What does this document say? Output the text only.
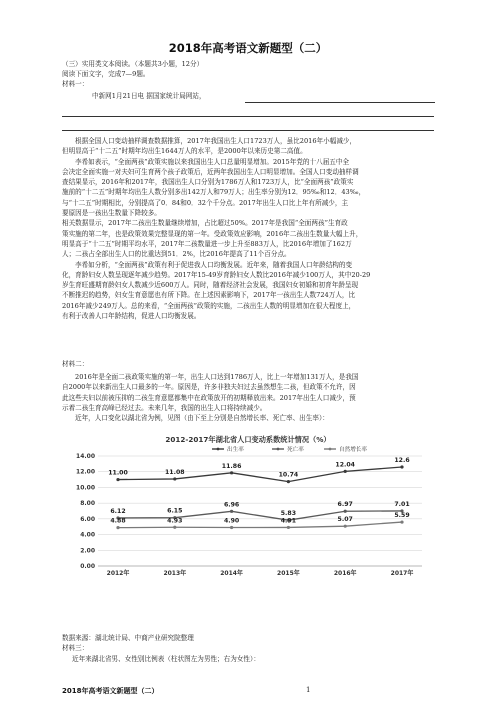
2018年高考语文新题型（二）
（三）实用类文本阅读。（本题共3小题，12分）
阅读下面文字，完成7—9题。
材料一：
中新网1月21日电 据国家统计局网站，
根据全国人口变动抽样调查数据推算，2017年我国出生人口1723万人，虽比2016年小幅减少，
但明显高于“十二五”时期年均出生1644万人的水平，是2000年以来历史第二高值。
李希如表示，“全面两孩”政策实施以来我国出生人口总量明显增加。2015年党的十八届五中全
会决定全面实施一对夫妇可生育两个孩子政策后，近两年我国出生人口明显增加。全国人口变动抽样调
查结果显示，2016年和2017年，我国出生人口分别为1786万人和1723万人，比“全面两孩”政策实
施前的“十二五”时期年均出生人数分别多出142万人和79万人；出生率分别为12．95‰和12．43‰，
与“十二五”时期相比，分别提高了0．84和0．32个千分点。2017年出生人口比上年有所减少，主
要原因是一孩出生数量下降较多。
相关数据显示，2017年二孩出生数量继续增加，占比超过50%。2017年是我国“全面两孩”生育政
策实施的第二年，也是政策效果完整显现的第一年。受政策效应影响，2016年二孩出生数量大幅上升，
明显高于“十二五”时期平均水平，2017年二孩数量进一步上升至883万人，比2016年增加了162万
人；二孩占全部出生人口的比重达到51．2%，比2016年提高了11个百分点。
李希如分析，“全面两孩”政策有利于促进我人口均衡发展。近年来，随着我国人口年龄结构的变
化，育龄妇女人数呈现逐年减少趋势。2017年15-49岁育龄妇女人数比2016年减少100万人，其中20-29
岁生育旺盛期育龄妇女人数减少近600万人。同时，随着经济社会发展，我国妇女初婚和初育年龄呈现
不断推迟的趋势，妇女生育意愿也有所下降。在上述因素影响下，2017年一孩出生人数724万人，比
2016年减少249万人。总的来看，“全面两孩”政策的实施，二孩出生人数的明显增加在很大程度上，
有利于改善人口年龄结构，促进人口均衡发展。
材料二：
2016年是全面二孩政策实施的第一年，出生人口达到1786万人，比上一年增加131万人，是我国
自2000年以来新出生人口最多的一年。原因是，许多非独夫妇过去虽然想生二孩，但政策不允许，因
此这些夫妇以前被压抑的二孩生育意愿都集中在政策放开的初期释放出来。2017年出生人口减少，预
示着二孩生育高峰已经过去。未来几年，我国的出生人口将持续减少。
近年，人口变化以湖北省为例，见图（由下至上分别是自然增长率、死亡率、出生率）：
2012-2017年湖北省人口变动系数统计情况（%）
出生率	死亡率	自然增长率
0.00
2.00
4.00
6.00
8.00
10.00
12.00
14.00
2012年	2013年	2014年	2015年	2016年	2017年
11.00	11.08
11.86
10.74
12.04
12.6
6.12	6.15
6.96
5.83
6.97	7.01
4.88	4.93	4.90	4.91	5.07
5.59
数据来源：湖北统计局、中商产业研究院整理
材料三：
近年来湖北省男、女性别比例表（柱状图左为男性；右为女性）：
2018年高考语文新题型（二）	1
